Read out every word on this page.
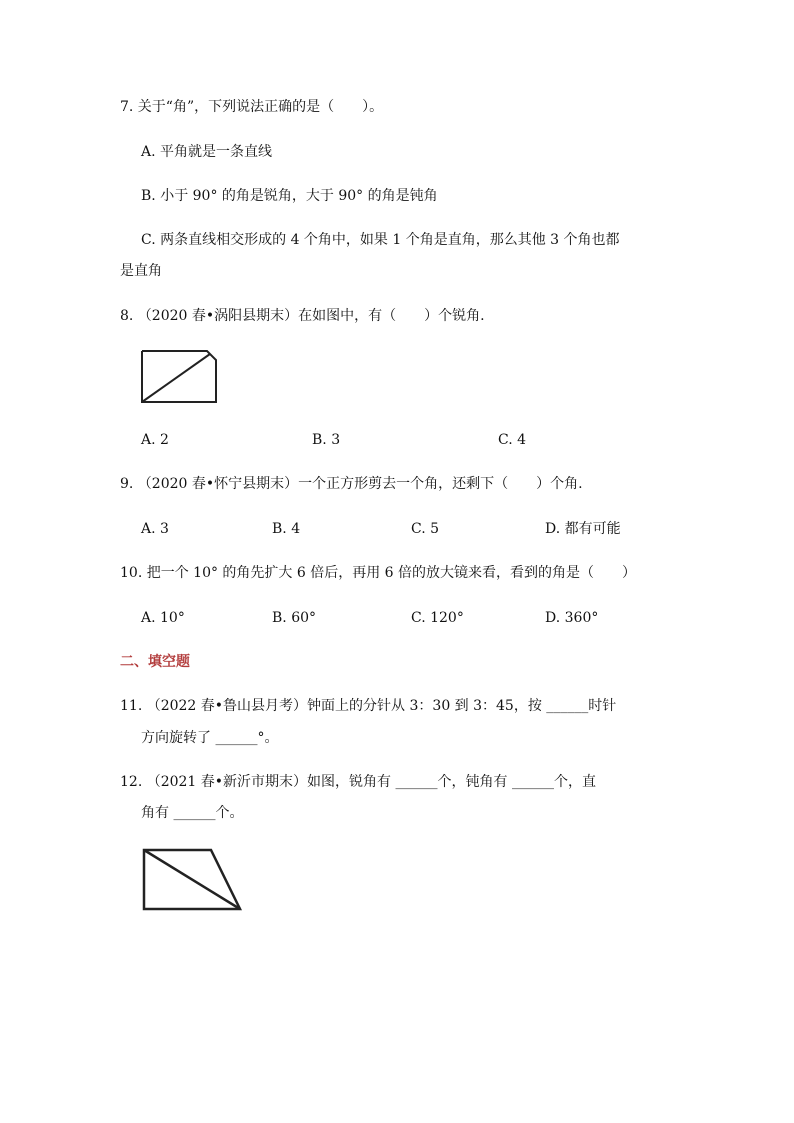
7. 关于“角”，下列说法正确的是（　　）。
A. 平角就是一条直线
B. 小于 90° 的角是锐角，大于 90° 的角是钝角
C. 两条直线相交形成的 4 个角中，如果 1 个角是直角，那么其他 3 个角也都
是直角
8. （2020 春•涡阳县期末）在如图中，有（　　）个锐角.
A. 2	B. 3	C. 4
9. （2020 春•怀宁县期末）一个正方形剪去一个角，还剩下（　　）个角.
A. 3	B. 4	C. 5	D. 都有可能
10. 把一个 10° 的角先扩大 6 倍后，再用 6 倍的放大镜来看，看到的角是（　　）
A. 10°	B. 60°	C. 120°	D. 360°
二、填空题
11. （2022 春•鲁山县月考）钟面上的分针从 3：30 到 3：45，按 ______时针
方向旋转了 ______°。
12. （2021 春•新沂市期末）如图，锐角有 ______个，钝角有 ______个，直
角有 ______个。
